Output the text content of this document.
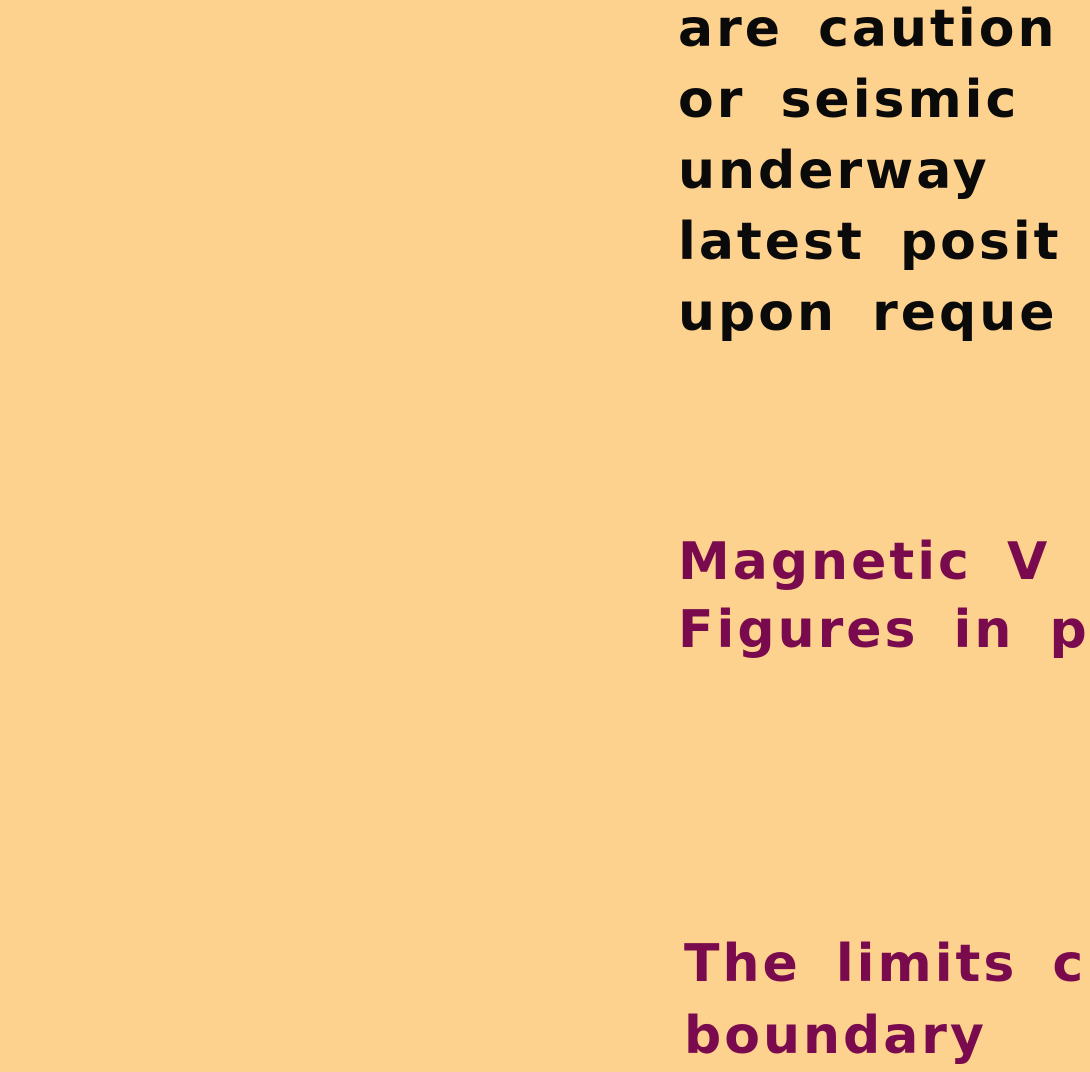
are caution
or seismic
underway
latest posit
upon reque
Magnetic V
Figures in p
The limits c
boundary
